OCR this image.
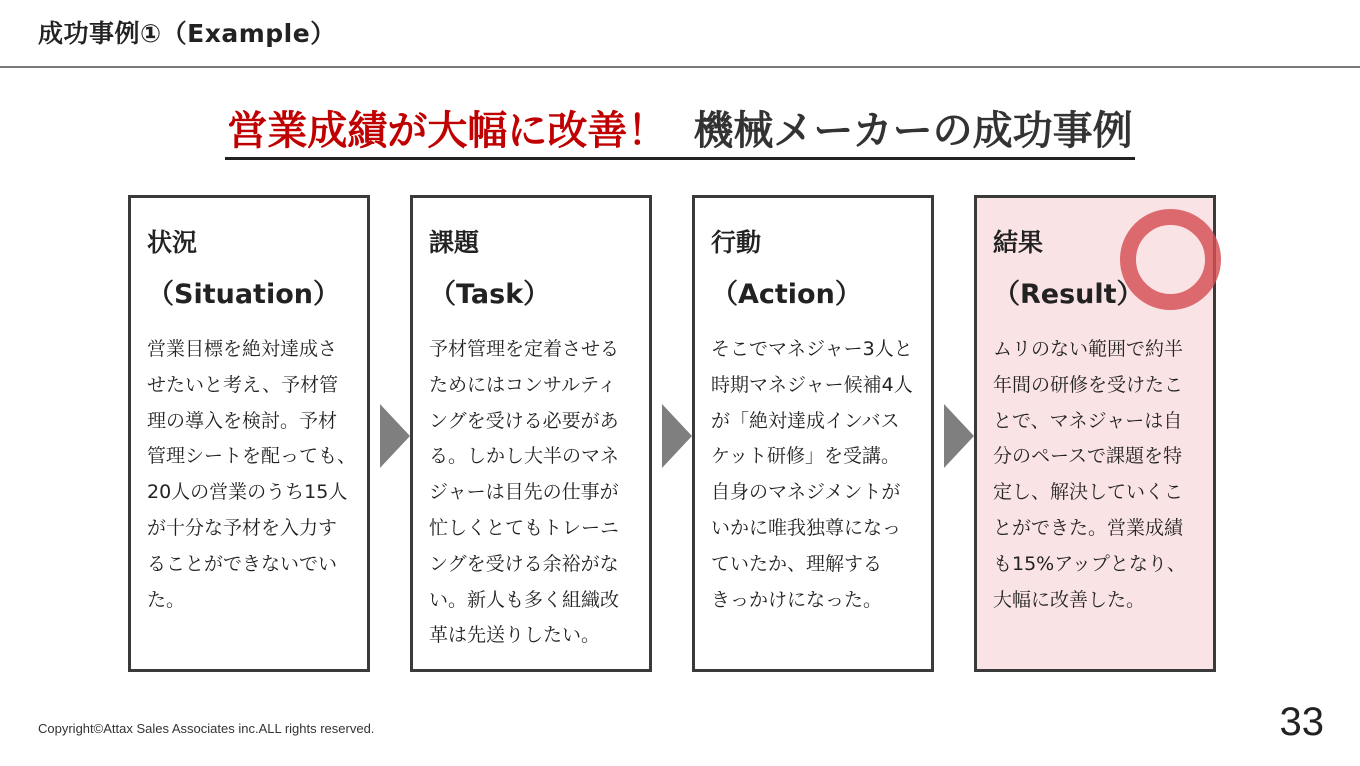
成功事例①（Example）
営業成績が大幅に改善！ 機械メーカーの成功事例
状況
（Situation）
営業目標を絶対達成さ
せたいと考え、予材管
理の導入を検討。予材
管理シートを配っても、
20人の営業のうち15人
が十分な予材を入力す
ることができないでい
た。
課題
（Task）
予材管理を定着させる
ためにはコンサルティ
ングを受ける必要があ
る。しかし大半のマネ
ジャーは目先の仕事が
忙しくとてもトレーニ
ングを受ける余裕がな
い。新人も多く組織改
革は先送りしたい。
行動
（Action）
そこでマネジャー3人と
時期マネジャー候補4人
が「絶対達成インバス
ケット研修」を受講。
自身のマネジメントが
いかに唯我独尊になっ
ていたか、理解する
きっかけになった。
結果
（Result）
ムリのない範囲で約半
年間の研修を受けたこ
とで、マネジャーは自
分のペースで課題を特
定し、解決していくこ
とができた。営業成績
も15%アップとなり、
大幅に改善した。
Copyright©Attax Sales Associates inc.ALL rights reserved.	33
